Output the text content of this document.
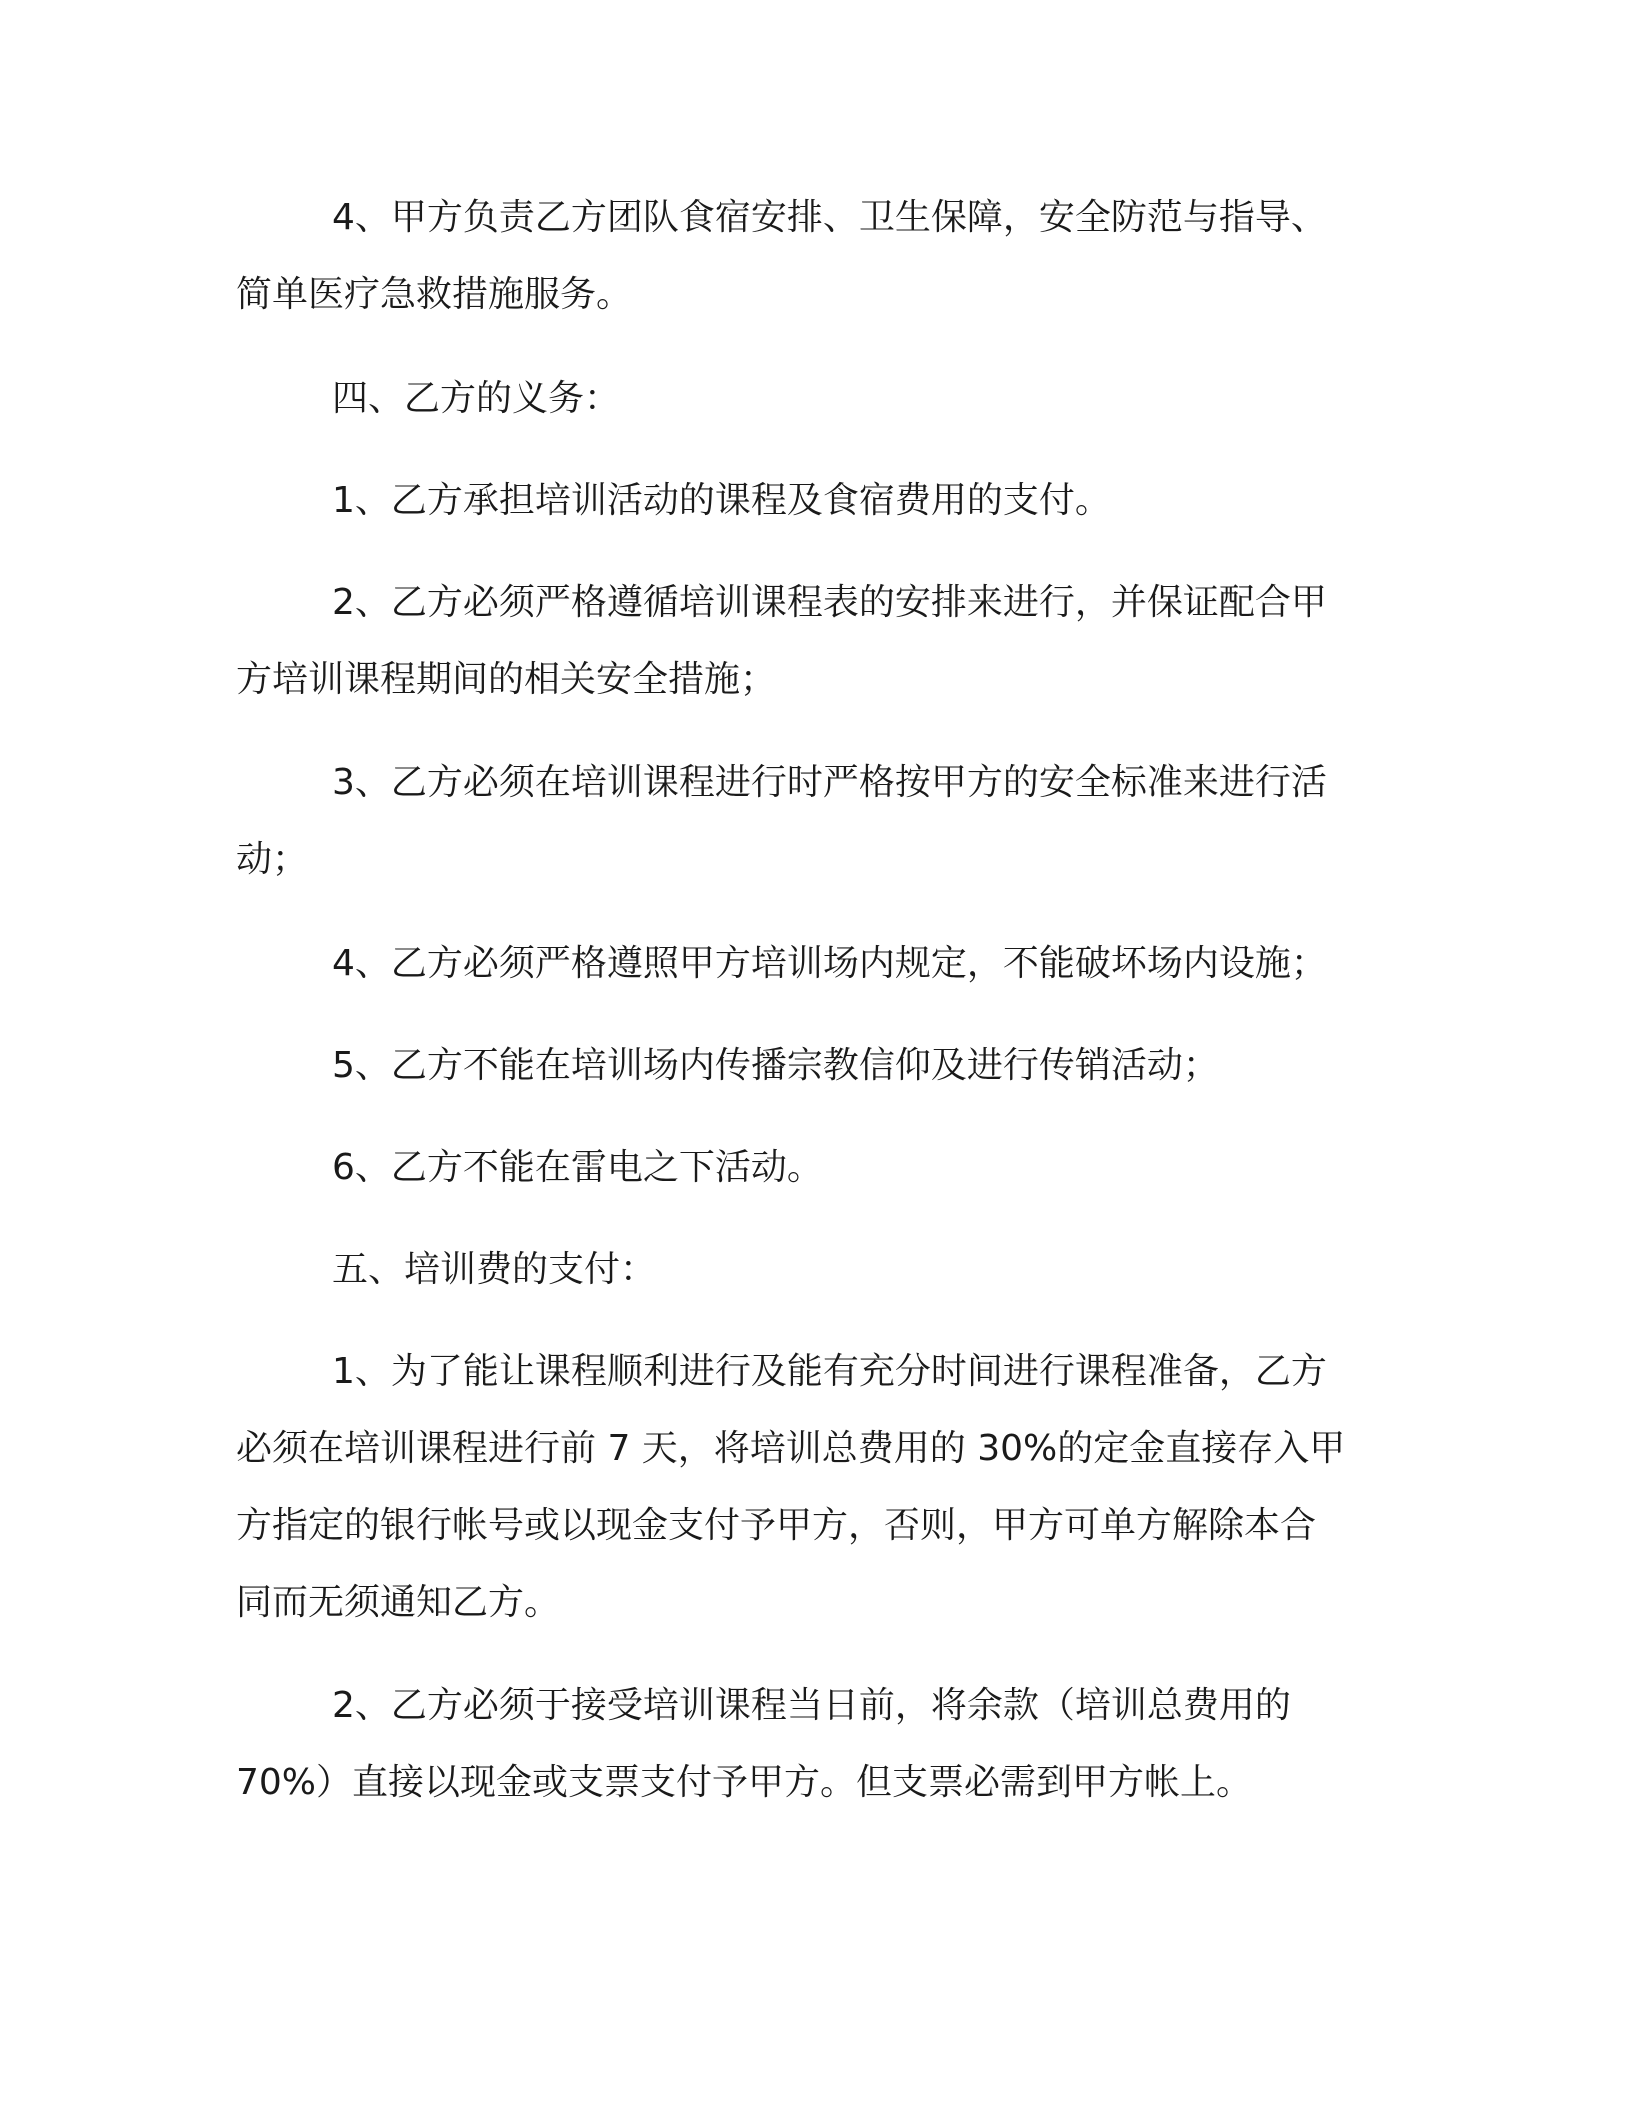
4、甲方负责乙方团队食宿安排、卫生保障，安全防范与指导、
简单医疗急救措施服务。
四、乙方的义务：
1、乙方承担培训活动的课程及食宿费用的支付。
2、乙方必须严格遵循培训课程表的安排来进行，并保证配合甲
方培训课程期间的相关安全措施；
3、乙方必须在培训课程进行时严格按甲方的安全标准来进行活
动；
4、乙方必须严格遵照甲方培训场内规定，不能破坏场内设施；
5、乙方不能在培训场内传播宗教信仰及进行传销活动；
6、乙方不能在雷电之下活动。
五、培训费的支付：
1、为了能让课程顺利进行及能有充分时间进行课程准备，乙方
必须在培训课程进行前 7 天，将培训总费用的 30%的定金直接存入甲
方指定的银行帐号或以现金支付予甲方，否则，甲方可单方解除本合
同而无须通知乙方。
2、乙方必须于接受培训课程当日前，将余款（培训总费用的
70%）直接以现金或支票支付予甲方。但支票必需到甲方帐上。
